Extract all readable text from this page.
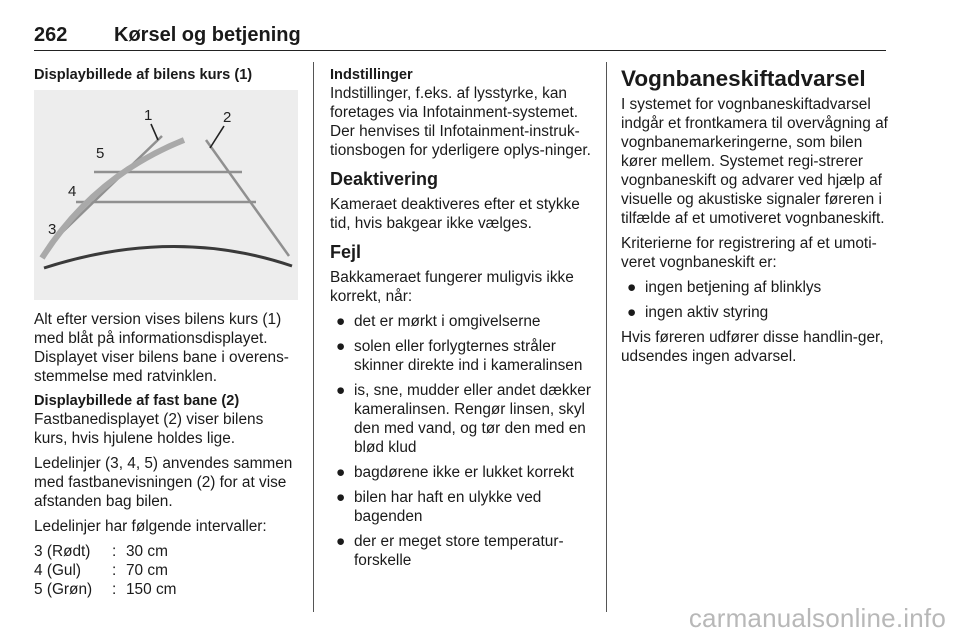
262 Kørsel og betjening
Displaybillede af bilens kurs (1)
1	2
3
4
5

Alt efter version vises bilens kurs (1) med blåt på informationsdisplayet. Displayet viser bilens bane i overens-stemmelse med ratvinklen.

Displaybillede af fast bane (2)

Fastbanedisplayet (2) viser bilens kurs, hvis hjulene holdes lige.

Ledelinjer (3, 4, 5) anvendes sammen med fastbanevisningen (2) for at vise afstanden bag bilen.

Ledelinjer har følgende intervaller:

3 (Rødt)	:	30 cm
4 (Gul)	:	70 cm
5 (Grøn)	:	150 cm
Indstillinger

Indstillinger, f.eks. af lysstyrke, kan foretages via Infotainment-systemet. Der henvises til Infotainment-instruk-tionsbogen for yderligere oplys-ninger.

Deaktivering

Kameraet deaktiveres efter et stykke tid, hvis bakgear ikke vælges.

Fejl

Bakkameraet fungerer muligvis ikke korrekt, når:

● det er mørkt i omgivelserne
● solen eller forlygternes stråler skinner direkte ind i kameralinsen
● is, sne, mudder eller andet dækker kameralinsen. Rengør linsen, skyl den med vand, og tør den med en blød klud
● bagdørene ikke er lukket korrekt
● bilen har haft en ulykke ved bagenden
● der er meget store temperatur-forskelle
Vognbaneskiftadvarsel

I systemet for vognbaneskiftadvarsel indgår et frontkamera til overvågning af vognbanemarkeringerne, som bilen kører mellem. Systemet regi-strerer vognbaneskift og advarer ved hjælp af visuelle og akustiske signaler føreren i tilfælde af et umotiveret vognbaneskift.

Kriterierne for registrering af et umoti-veret vognbaneskift er:

● ingen betjening af blinklys
● ingen aktiv styring

Hvis føreren udfører disse handlin-ger, udsendes ingen advarsel.

carmanualsonline.info
